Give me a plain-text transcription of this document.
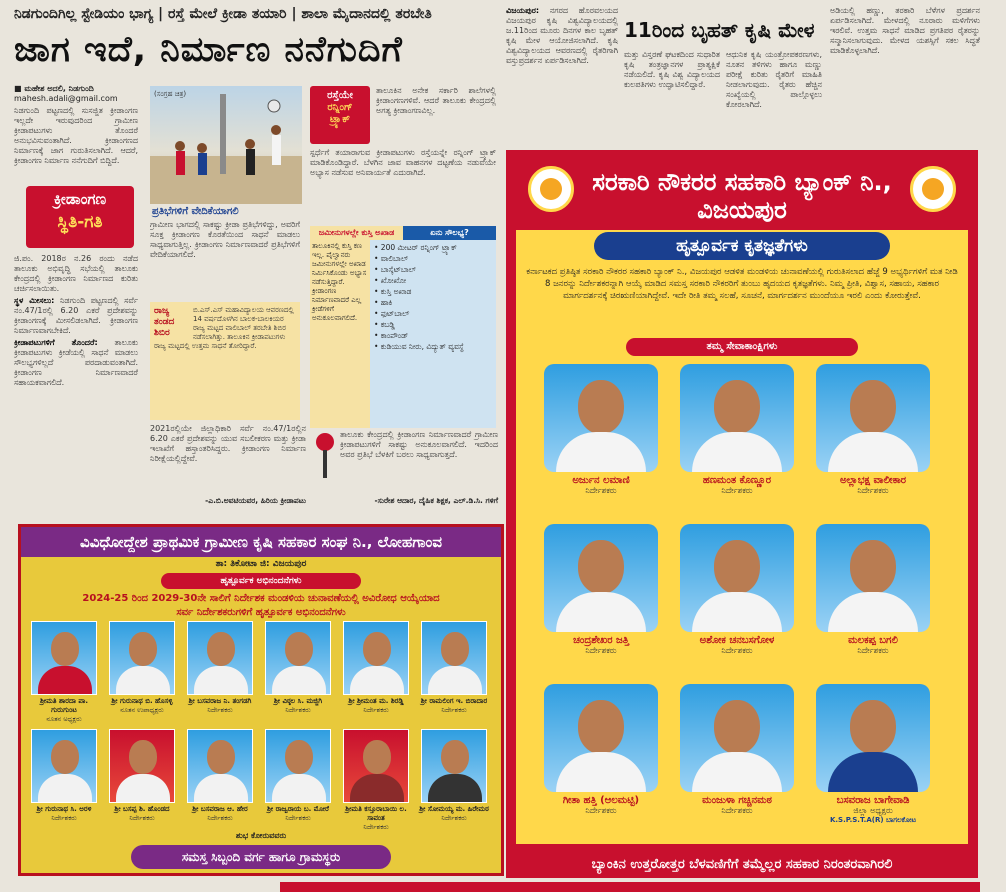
ನಿಡಗುಂದಿಗಿಲ್ಲ ಸ್ಟೇಡಿಯಂ ಭಾಗ್ಯ | ರಸ್ತೆ ಮೇಲೆ ಕ್ರೀಡಾ ತಯಾರಿ | ಶಾಲಾ ಮೈದಾನದಲ್ಲಿ ತರಬೇತಿ
ಜಾಗ ಇದೆ, ನಿರ್ಮಾಣ ನನೆಗುದಿಗೆ
■ ಮಹೇಶ ಅದಲಿ, ನಿಡಗುಂದಿ
mahesh.adali@gmail.com

ನಿಡಗುಂದಿ ಪಟ್ಟಣದಲ್ಲಿ ಸುಸಜ್ಜಿತ ಕ್ರೀಡಾಂಗಣ ಇಲ್ಲದೇ ಇರುವುದರಿಂದ ಗ್ರಾಮೀಣ ಕ್ರೀಡಾಪಟುಗಳು ತೊಂದರೆ ಅನುಭವಿಸುವಂತಾಗಿದೆ. ಕ್ರೀಡಾಂಗಣದ ನಿರ್ಮಾಣಕ್ಕೆ ಜಾಗ ಗುರುತಿಸಲಾಗಿದೆ. ಆದರೆ, ಕ್ರೀಡಾಂಗಣ ನಿರ್ಮಾಣ ನನೆಗುದಿಗೆ ಬಿದ್ದಿದೆ.

ಕ್ರೀಡಾಂಗಣ
ಸ್ಥಿತಿ-ಗತಿ

ಜಿ.ಪಂ. 2018ರ ನ.26 ರಂದು ನಡೆದ ತಾಲೂಕು ಅಭಿವೃದ್ಧಿ ಸಭೆಯಲ್ಲಿ ತಾಲೂಕು ಕೇಂದ್ರದಲ್ಲಿ ಕ್ರೀಡಾಂಗಣ ನಿರ್ಮಾಣದ ಕುರಿತು ಚರ್ಚಿಸಲಾಯಿತು.

ಸ್ಥಳ ಮೀಸಲು: ನಿಡಗುಂದಿ ಪಟ್ಟಣದಲ್ಲಿ ಸರ್ವೆ ನಂ.47/1ರಲ್ಲಿ 6.20 ಎಕರೆ ಪ್ರದೇಶವನ್ನು ಕ್ರೀಡಾಂಗಣಕ್ಕೆ ಮೀಸಲಿಡಲಾಗಿದೆ. ಕ್ರೀಡಾಂಗಣ ನಿರ್ಮಾಣವಾಗಬೇಕಿದೆ.

ಕ್ರೀಡಾಪಟುಗಳಿಗೆ ತೊಂದರೆ: ತಾಲೂಕು ಕ್ರೀಡಾಪಟುಗಳು ಕ್ರೀಡೆಯಲ್ಲಿ ಸಾಧನೆ ಮಾಡಲು ಸೌಲಭ್ಯಗಳಿಲ್ಲದೆ ಪರದಾಡುವಂತಾಗಿದೆ. ಕ್ರೀಡಾಂಗಣ ನಿರ್ಮಾಣವಾದರೆ ಸಹಾಯಕವಾಗಲಿದೆ.

(ಸಂಗ್ರಹ ಚಿತ್ರ)
ಪ್ರತಿಭೆಗಳಿಗೆ ವೇದಿಕೆಯಾಗಲಿ

ಗ್ರಾಮೀಣ ಭಾಗದಲ್ಲಿ ಸಾಕಷ್ಟು ಕ್ರೀಡಾ ಪ್ರತಿಭೆಗಳಿದ್ದು, ಅವರಿಗೆ ಸೂಕ್ತ ಕ್ರೀಡಾಂಗಣ ಕೊರತೆಯಿಂದ ಸಾಧನೆ ಮಾಡಲು ಸಾಧ್ಯವಾಗುತ್ತಿಲ್ಲ. ಕ್ರೀಡಾಂಗಣ ನಿರ್ಮಾಣವಾದರೆ ಪ್ರತಿಭೆಗಳಿಗೆ ವೇದಿಕೆಯಾಗಲಿದೆ.

ರಾಜ್ಯ ತಂಡದ ಶಿಬಿರ
ಬಿ.ಎಸ್.ಎಸ್ ಮಹಾವಿದ್ಯಾಲಯ ಆವರಣದಲ್ಲಿ 14 ವರ್ಷದೊಳಗಿನ ಬಾಲಕ-ಬಾಲಕಿಯರ ರಾಜ್ಯ ಮಟ್ಟದ ವಾಲಿಬಾಲ್ ತರಬೇತಿ ಶಿಬಿರ ನಡೆಸಲಾಗಿತ್ತು. ತಾಲೂಕಿನ ಕ್ರೀಡಾಪಟುಗಳು ರಾಜ್ಯ ಮಟ್ಟದಲ್ಲಿ ಉತ್ತಮ ಸಾಧನೆ ತೋರಿದ್ದಾರೆ.

2021ರಲ್ಲಿಯೇ ಜಿಲ್ಲಾಧಿಕಾರಿ ಸರ್ವೆ ನಂ.47/1ರಲ್ಲಿನ 6.20 ಎಕರೆ ಪ್ರದೇಶವನ್ನು ಯುವ ಸಬಲೀಕರಣ ಮತ್ತು ಕ್ರೀಡಾ ಇಲಾಖೆಗೆ ಹಸ್ತಾಂತರಿಸಿದ್ದರು. ಕ್ರೀಡಾಂಗಣ ನಿರ್ಮಾಣ ನಿರೀಕ್ಷೆಯಲ್ಲಿದ್ದೇವೆ.

-ಎ.ಬಿ.ಅವಟಿಯವರ, ಹಿರಿಯ ಕ್ರೀಡಾಪಟು
ರಸ್ತೆಯೇ
ರನ್ನಿಂಗ್
ಟ್ರ್ಯಾಕ್

ತಾಲೂಕಿನ ಅನೇಕ ಸರ್ಕಾರಿ ಶಾಲೆಗಳಲ್ಲಿ ಕ್ರೀಡಾಂಗಣಗಳಿವೆ. ಆದರೆ ತಾಲೂಕು ಕೇಂದ್ರದಲ್ಲಿ ಅಗತ್ಯ ಕ್ರೀಡಾಂಗಣವಿಲ್ಲ.

ಸ್ಪರ್ಧೆಗೆ ತಯಾರಾಗುವ ಕ್ರೀಡಾಪಟುಗಳು ರಸ್ತೆಯನ್ನೇ ರನ್ನಿಂಗ್ ಟ್ರ್ಯಾಕ್ ಮಾಡಿಕೊಂಡಿದ್ದಾರೆ. ಬೆಳಗಿನ ಜಾವ ವಾಹನಗಳ ದಟ್ಟಣೆಯ ನಡುವೆಯೇ ಅಭ್ಯಾಸ ನಡೆಸುವ ಅನಿವಾರ್ಯತೆ ಎದುರಾಗಿದೆ.

ಜಮೀನುಗಳಲ್ಲೇ ಕುಸ್ತಿ ಅಖಾಡ	ಏನು ಸೌಲಭ್ಯ?
ತಾಲೂಕಿನಲ್ಲಿ ಕುಸ್ತಿ ಕಣ ಇಲ್ಲ. ಪೈಲ್ವಾನರು ಜಮೀನುಗಳಲ್ಲೇ ಅಖಾಡ ನಿರ್ಮಿಸಿಕೊಂಡು ಅಭ್ಯಾಸ ನಡೆಸುತ್ತಿದ್ದಾರೆ. ಕ್ರೀಡಾಂಗಣ ನಿರ್ಮಾಣವಾದರೆ ಎಲ್ಲ ಕ್ರೀಡೆಗಳಿಗೆ ಅನುಕೂಲವಾಗಲಿದೆ.
• 200 ಮೀಟರ್ ರನ್ನಿಂಗ್ ಟ್ರ್ಯಾಕ್
• ವಾಲಿಬಾಲ್
• ಬಾಸ್ಕೆಟ್‌ಬಾಲ್
• ಖೋಖೋ
• ಕುಸ್ತಿ ಅಖಾಡ
• ಹಾಕಿ
• ಫುಟ್‌ಬಾಲ್
• ಕಬಡ್ಡಿ
• ಕಾಂಪೌಂಡ್
• ಕುಡಿಯುವ ನೀರು, ವಿದ್ಯುತ್ ವ್ಯವಸ್ಥೆ

ತಾಲೂಕು ಕೇಂದ್ರದಲ್ಲಿ ಕ್ರೀಡಾಂಗಣ ನಿರ್ಮಾಣವಾದರೆ ಗ್ರಾಮೀಣ ಕ್ರೀಡಾಪಟುಗಳಿಗೆ ಸಾಕಷ್ಟು ಅನುಕೂಲವಾಗಲಿದೆ. ಇದರಿಂದ ಅವರ ಪ್ರತಿಭೆ ಬೆಳಕಿಗೆ ಬರಲು ಸಾಧ್ಯವಾಗುತ್ತದೆ.

-ಸುರೇಶ ಆದಾರ, ದೈಹಿಕ ಶಿಕ್ಷಕ, ಎಲ್.ಡಿ.ಸಿ. ಗಳಿಗೆ

ವಿಜಯಪುರ: ನಗರದ ಹೊರವಲಯದ ವಿಜಯಪುರ ಕೃಷಿ ವಿಶ್ವವಿದ್ಯಾಲಯದಲ್ಲಿ ಜ.11ರಿಂದ ಮೂರು ದಿನಗಳ ಕಾಲ ಬೃಹತ್ ಕೃಷಿ ಮೇಳ ಆಯೋಜಿಸಲಾಗಿದೆ. ಕೃಷಿ ವಿಶ್ವವಿದ್ಯಾಲಯದ ಆವರಣದಲ್ಲಿ ರೈತರಿಗಾಗಿ ವಸ್ತುಪ್ರದರ್ಶನ ಏರ್ಪಡಿಸಲಾಗಿದೆ.

11ರಿಂದ ಬೃಹತ್ ಕೃಷಿ ಮೇಳ

ಮತ್ತು ವಿಸ್ತರಣೆ ಘಟಕದಿಂದ ಸುಧಾರಿತ ಕೃಷಿ ತಂತ್ರಜ್ಞಾನಗಳ ಪ್ರಾತ್ಯಕ್ಷಿಕೆ ನಡೆಯಲಿದೆ. ಕೃಷಿ ವಿಶ್ವ ವಿದ್ಯಾಲಯದ ಕುಲಪತಿಗಳು ಉದ್ಘಾಟಿಸಲಿದ್ದಾರೆ.

ಆಧುನಿಕ ಕೃಷಿ ಯಂತ್ರೋಪಕರಣಗಳು, ನೂತನ ತಳಿಗಳು ಹಾಗೂ ಮಣ್ಣು ಪರೀಕ್ಷೆ ಕುರಿತು ರೈತರಿಗೆ ಮಾಹಿತಿ ನೀಡಲಾಗುವುದು. ರೈತರು ಹೆಚ್ಚಿನ ಸಂಖ್ಯೆಯಲ್ಲಿ ಪಾಲ್ಗೊಳ್ಳಲು ಕೋರಲಾಗಿದೆ.

ಅಡಿಯಲ್ಲಿ ಹಣ್ಣು, ತರಕಾರಿ ಬೆಳೆಗಳ ಪ್ರದರ್ಶನ ಏರ್ಪಡಿಸಲಾಗಿದೆ. ಮೇಳದಲ್ಲಿ ನೂರಾರು ಮಳಿಗೆಗಳು ಇರಲಿವೆ. ಉತ್ತಮ ಸಾಧನೆ ಮಾಡಿದ ಪ್ರಗತಿಪರ ರೈತರನ್ನು ಸನ್ಮಾನಿಸಲಾಗುವುದು. ಮೇಳದ ಯಶಸ್ಸಿಗೆ ಸಕಲ ಸಿದ್ಧತೆ ಮಾಡಿಕೊಳ್ಳಲಾಗಿದೆ.

ಸರಕಾರಿ ನೌಕರರ ಸಹಕಾರಿ ಬ್ಯಾಂಕ್ ನಿ., ವಿಜಯಪುರ
ಹೃತ್ಪೂರ್ವಕ ಕೃತಜ್ಞತೆಗಳು
ಕರ್ನಾಟಕದ ಪ್ರತಿಷ್ಠಿತ ಸರಕಾರಿ ನೌಕರರ ಸಹಕಾರಿ ಬ್ಯಾಂಕ್ ನಿ., ವಿಜಯಪುರ ಆಡಳಿತ ಮಂಡಳಿಯ ಚುನಾವಣೆಯಲ್ಲಿ ಗುರುತಿಸಲಾದ ಹೆಜ್ಜೆ 9 ಅಭ್ಯರ್ಥಿಗಳಿಗೆ ಮತ ನೀಡಿ 8 ಜನರನ್ನು ನಿರ್ದೇಶಕರನ್ನಾಗಿ ಆಯ್ಕೆ ಮಾಡಿದ ಸಮಸ್ತ ಸರಕಾರಿ ನೌಕರರಿಗೆ ತುಂಬು ಹೃದಯದ ಕೃತಜ್ಞತೆಗಳು. ನಿಮ್ಮ ಪ್ರೀತಿ, ವಿಶ್ವಾಸ, ಸಹಾಯ, ಸಹಕಾರ ಮಾರ್ಗದರ್ಶನಕ್ಕೆ ಚಿರಋಣಿಯಾಗಿದ್ದೇವೆ. ಇದೇ ರೀತಿ ತಮ್ಮ ಸಲಹೆ, ಸೂಚನೆ, ಮಾರ್ಗದರ್ಶನ ಮುಂದೆಯೂ ಇರಲಿ ಎಂದು ಕೋರುತ್ತೇವೆ.
ತಮ್ಮ ಸೇವಾಕಾಂಕ್ಷಿಗಳು
ಅರ್ಜುನ ಲಮಾಣಿ
ನಿರ್ದೇಶಕರು
ಹಣಮಂತ ಕೊಣ್ಣೂರ
ನಿರ್ದೇಶಕರು
ಅಲ್ಲಾಭಕ್ಷ ವಾಲೀಕಾರ
ನಿರ್ದೇಶಕರು
ಚಂದ್ರಶೇಖರ ಜತ್ತಿ
ನಿರ್ದೇಶಕರು
ಅಶೋಕ ಚನಬಸಗೋಳ
ನಿರ್ದೇಶಕರು
ಮಲಕಪ್ಪ ಬಗಲಿ
ನಿರ್ದೇಶಕರು
ಗೀತಾ ಹತ್ತಿ (ಆಲಮಟ್ಟಿ)
ನಿರ್ದೇಶಕರು
ಮಂಜುಳಾ ಗಚ್ಚಿನಮಠ
ನಿರ್ದೇಶಕರು
ಬಸವರಾಜ ಬಾಗೇವಾಡಿ
ಜಿಲ್ಲಾ ಅಧ್ಯಕ್ಷರು
K.S.P.S.T.A(R) ಬಾಗಲಕೋಟ
ಬ್ಯಾಂಕಿನ ಉತ್ತರೋತ್ತರ ಬೆಳವಣಿಗೆಗೆ ತಮ್ಮೆಲ್ಲರ ಸಹಕಾರ ನಿರಂತರವಾಗಿರಲಿ
ವಿವಿಧೋದ್ದೇಶ ಪ್ರಾಥಮಿಕ ಗ್ರಾಮೀಣ ಕೃಷಿ ಸಹಕಾರ ಸಂಘ ನಿ., ಲೋಹಗಾಂವ
ತಾ: ತಿಕೋಟಾ ಜಿ: ವಿಜಯಪುರ
ಹೃತ್ಪೂರ್ವಕ ಅಭಿನಂದನೆಗಳು
2024-25 ರಿಂದ 2029-30ನೇ ಸಾಲಿಗೆ ನಿರ್ದೇಶಕ ಮಂಡಳಿಯ ಚುನಾವಣೆಯಲ್ಲಿ ಅವಿರೋಧ ಆಯ್ಕೆಯಾದ
ಸರ್ವ ನಿರ್ದೇಶಕರುಗಳಿಗೆ ಹೃತ್ಪೂರ್ವಕ ಅಭಿನಂದನೆಗಳು
ಶ್ರೀಮತಿ ಶಾರದಾ ಪಾ. ಗುರುಗುಂಟ
ನೂತನ ಅಧ್ಯಕ್ಷರು
ಶ್ರೀ ಗುರುನಾಥ ಬಿ. ಹೊಸಳ್ಳಿ
ನೂತನ ಉಪಾಧ್ಯಕ್ಷರು
ಶ್ರೀ ಬಸವರಾಜ ನಿ. ತಂಗಡಗಿ
ನಿರ್ದೇಶಕರು
ಶ್ರೀ ವಿಠ್ಠಲ ಸಿ. ಮಜ್ಜಿಗಿ
ನಿರ್ದೇಶಕರು
ಶ್ರೀ ಶ್ರೀಮಂತ ಮ. ಶಿರಡ್ಡಿ
ನಿರ್ದೇಶಕರು
ಶ್ರೀ ರಾಮಲಿಂಗ ಇ. ಬಿರಾದಾರ
ನಿರ್ದೇಶಕರು
ಶ್ರೀ ಗುರುನಾಥ ಸಿ. ಅರಳಿ
ನಿರ್ದೇಶಕರು
ಶ್ರೀ ಬಸಪ್ಪ ಶಿ. ಹೊಂಡದ
ನಿರ್ದೇಶಕರು
ಶ್ರೀ ಬಸವರಾಜ ಆ. ಹೇರ
ನಿರ್ದೇಶಕರು
ಶ್ರೀ ರಾಜ್ವರಾಯ ಬ. ಮೋರೆ
ನಿರ್ದೇಶಕರು
ಶ್ರೀಮತಿ ಕಸ್ತೂರಾಬಾಯಿ ಲ. ಸಾವಂತ
ನಿರ್ದೇಶಕರು
ಶ್ರೀ ಸೋಮಯ್ಯ ಮ. ಹಿರೇಮಠ
ನಿರ್ದೇಶಕರು
ಶುಭ ಕೋರುವವರು
ಸಮಸ್ತ ಸಿಬ್ಬಂದಿ ವರ್ಗ ಹಾಗೂ ಗ್ರಾಮಸ್ಥರು
